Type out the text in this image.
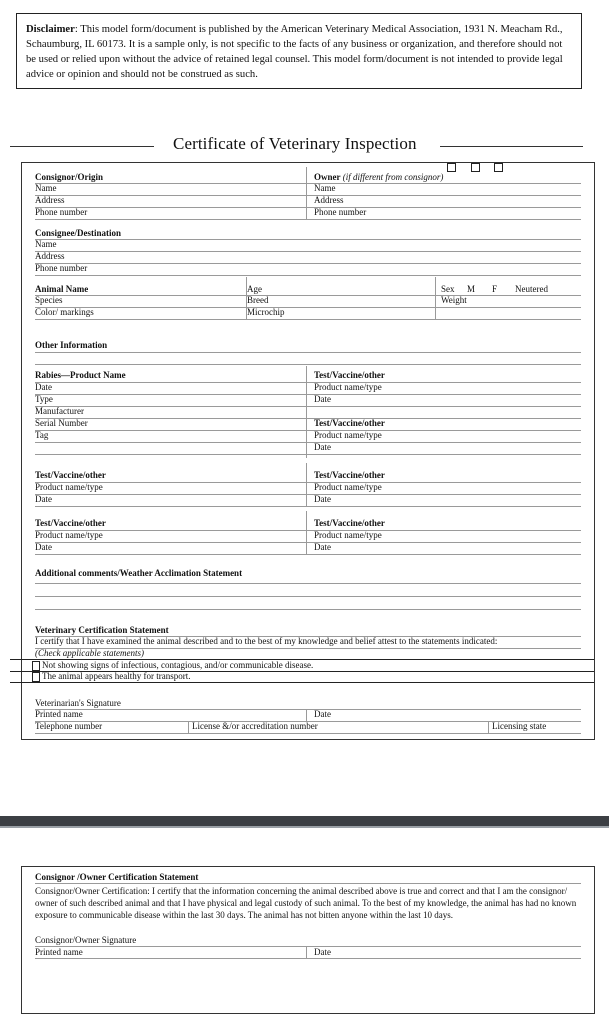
Disclaimer: This model form/document is published by the American Veterinary Medical Association, 1931 N. Meacham Rd., Schaumburg, IL 60173. It is a sample only, is not specific to the facts of any business or organization, and therefore should not be used or relied upon without the advice of retained legal counsel. This model form/document is not intended to provide legal advice or opinion and should not be construed as such.
Certificate of Veterinary Inspection
Consignor/Origin
Name
Address
Phone number
Owner (if different from consignor)
Name
Address
Phone number
Consignee/Destination
Name
Address
Phone number
Animal Name	Age	Sex M F Neutered
Species	Breed	Weight
Color/ markings	Microchip
Other Information
Rabies—Product Name	Test/Vaccine/other
Date	Product name/type
Type	Date
Manufacturer
Serial Number	Test/Vaccine/other
Tag	Product name/type
Date
Test/Vaccine/other	Test/Vaccine/other
Product name/type	Product name/type
Date	Date
Test/Vaccine/other	Test/Vaccine/other
Product name/type	Product name/type
Date	Date
Additional comments/Weather Acclimation Statement
Veterinary Certification Statement
I certify that I have examined the animal described and to the best of my knowledge and belief attest to the statements indicated:
(Check applicable statements)
Not showing signs of infectious, contagious, and/or communicable disease.
The animal appears healthy for transport.
Veterinarian's Signature
Printed name	Date
Telephone number	License &/or accreditation number	Licensing state
Consignor /Owner Certification Statement
Consignor/Owner Certification: I certify that the information concerning the animal described above is true and correct and that I am the consignor/ owner of such described animal and that I have physical and legal custody of such animal. To the best of my knowledge, the animal has had no known exposure to communicable disease within the last 30 days. The animal has not bitten anyone within the last 10 days.
Consignor/Owner Signature
Printed name	Date
